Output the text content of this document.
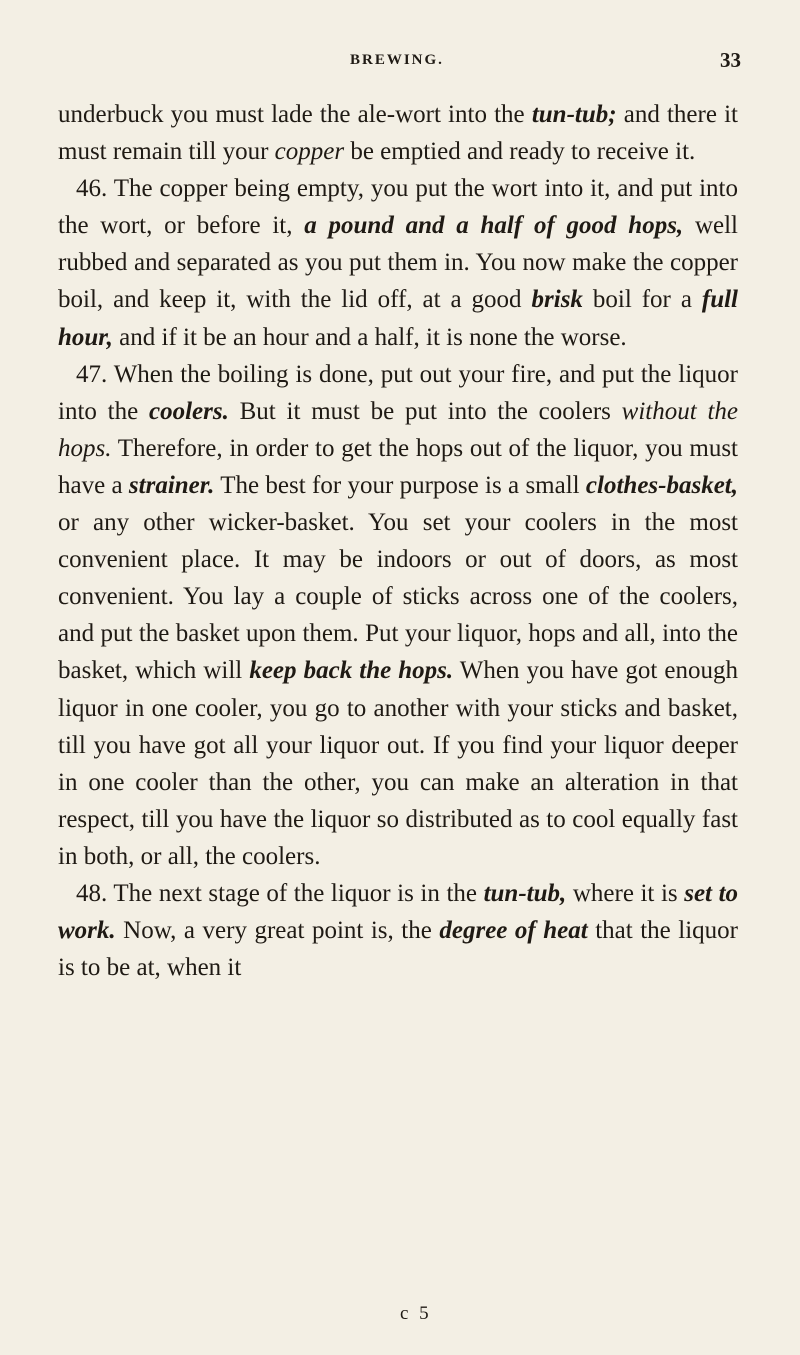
BREWING.	33

underbuck you must lade the ale-wort into the tun-tub; and there it must remain till your copper be emptied and ready to receive it.

46. The copper being empty, you put the wort into it, and put into the wort, or before it, a pound and a half of good hops, well rubbed and separated as you put them in. You now make the copper boil, and keep it, with the lid off, at a good brisk boil for a full hour, and if it be an hour and a half, it is none the worse.

47. When the boiling is done, put out your fire, and put the liquor into the coolers. But it must be put into the coolers without the hops. Therefore, in order to get the hops out of the liquor, you must have a strainer. The best for your purpose is a small clothes-basket, or any other wicker-basket. You set your coolers in the most convenient place. It may be indoors or out of doors, as most convenient. You lay a couple of sticks across one of the coolers, and put the basket upon them. Put your liquor, hops and all, into the basket, which will keep back the hops. When you have got enough liquor in one cooler, you go to another with your sticks and basket, till you have got all your liquor out. If you find your liquor deeper in one cooler than the other, you can make an alteration in that respect, till you have the liquor so distributed as to cool equally fast in both, or all, the coolers.

48. The next stage of the liquor is in the tun-tub, where it is set to work. Now, a very great point is, the degree of heat that the liquor is to be at, when it

c 5
